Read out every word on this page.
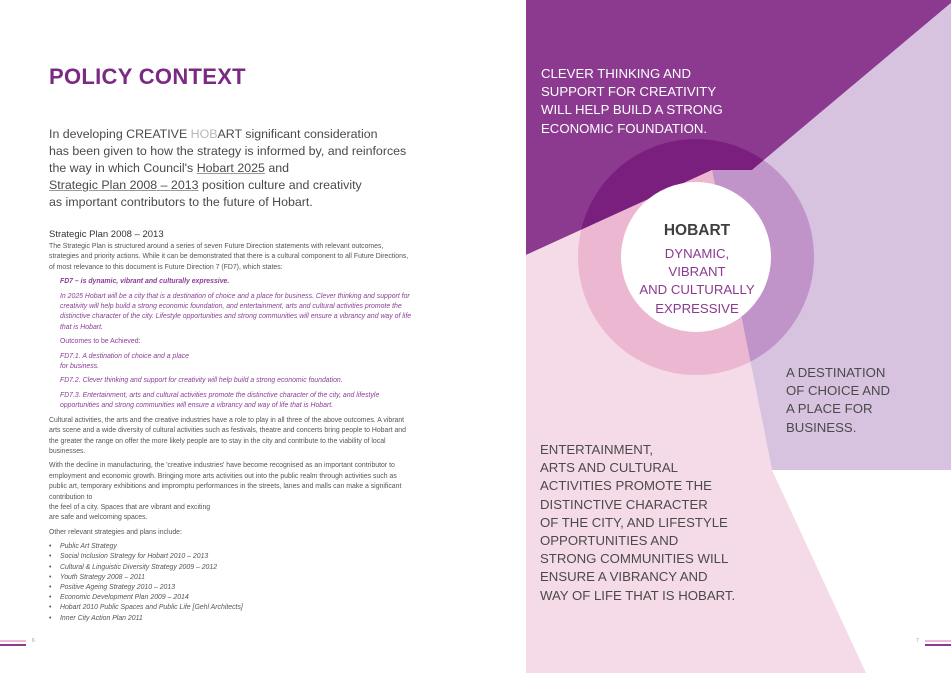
POLICY CONTEXT
In developing CREATIVE HOBART significant consideration
has been given to how the strategy is informed by, and reinforces
the way in which Council's Hobart 2025 and
Strategic Plan 2008 – 2013 position culture and creativity
as important contributors to the future of Hobart.
Strategic Plan 2008 – 2013

The Strategic Plan is structured around a series of seven Future Direction statements with relevant outcomes, strategies and priority actions. While it can be demonstrated that there is a cultural component to all Future Directions, of most relevance to this document is Future Direction 7 (FD7), which states:

FD7 – is dynamic, vibrant and culturally expressive.

In 2025 Hobart will be a city that is a destination of choice and a place for business. Clever thinking and support for creativity will help build a strong economic foundation, and entertainment, arts and cultural activities promote the distinctive character of the city. Lifestyle opportunities and strong communities will ensure a vibrancy and way of life that is Hobart.

Outcomes to be Achieved:

FD7.1. A destination of choice and a place
for business.

FD7.2. Clever thinking and support for creativity will help build a strong economic foundation.

FD7.3. Entertainment, arts and cultural activities promote the distinctive character of the city, and lifestyle opportunities and strong communities will ensure a vibrancy and way of life that is Hobart.

Cultural activities, the arts and the creative industries have a role to play in all three of the above outcomes. A vibrant arts scene and a wide diversity of cultural activities such as festivals, theatre and concerts bring people to Hobart and the greater the range on offer the more likely people are to stay in the city and contribute to the viability of local businesses.

With the decline in manufacturing, the 'creative industries' have become recognised as an important contributor to employment and economic growth. Bringing more arts activities out into the public realm through activities such as public art, temporary exhibitions and impromptu performances in the streets, lanes and malls can make a significant contribution to
the feel of a city. Spaces that are vibrant and exciting
are safe and welcoming spaces.

Other relevant strategies and plans include:

• Public Art Strategy
• Social Inclusion Strategy for Hobart 2010 – 2013
• Cultural & Linguistic Diversity Strategy 2009 – 2012
• Youth Strategy 2008 – 2011
• Positive Ageing Strategy 2010 – 2013
• Economic Development Plan 2009 – 2014
• Hobart 2010 Public Spaces and Public Life [Gehl Architects]
• Inner City Action Plan 2011
6
CLEVER THINKING AND
SUPPORT FOR CREATIVITY
WILL HELP BUILD A STRONG
ECONOMIC FOUNDATION.
HOBART
DYNAMIC, VIBRANT
AND CULTURALLY
EXPRESSIVE
A DESTINATION
OF CHOICE AND
A PLACE FOR
BUSINESS.
ENTERTAINMENT,
ARTS AND CULTURAL
ACTIVITIES PROMOTE THE
DISTINCTIVE CHARACTER
OF THE CITY, AND LIFESTYLE
OPPORTUNITIES AND
STRONG COMMUNITIES WILL
ENSURE A VIBRANCY AND
WAY OF LIFE THAT IS HOBART.
7
